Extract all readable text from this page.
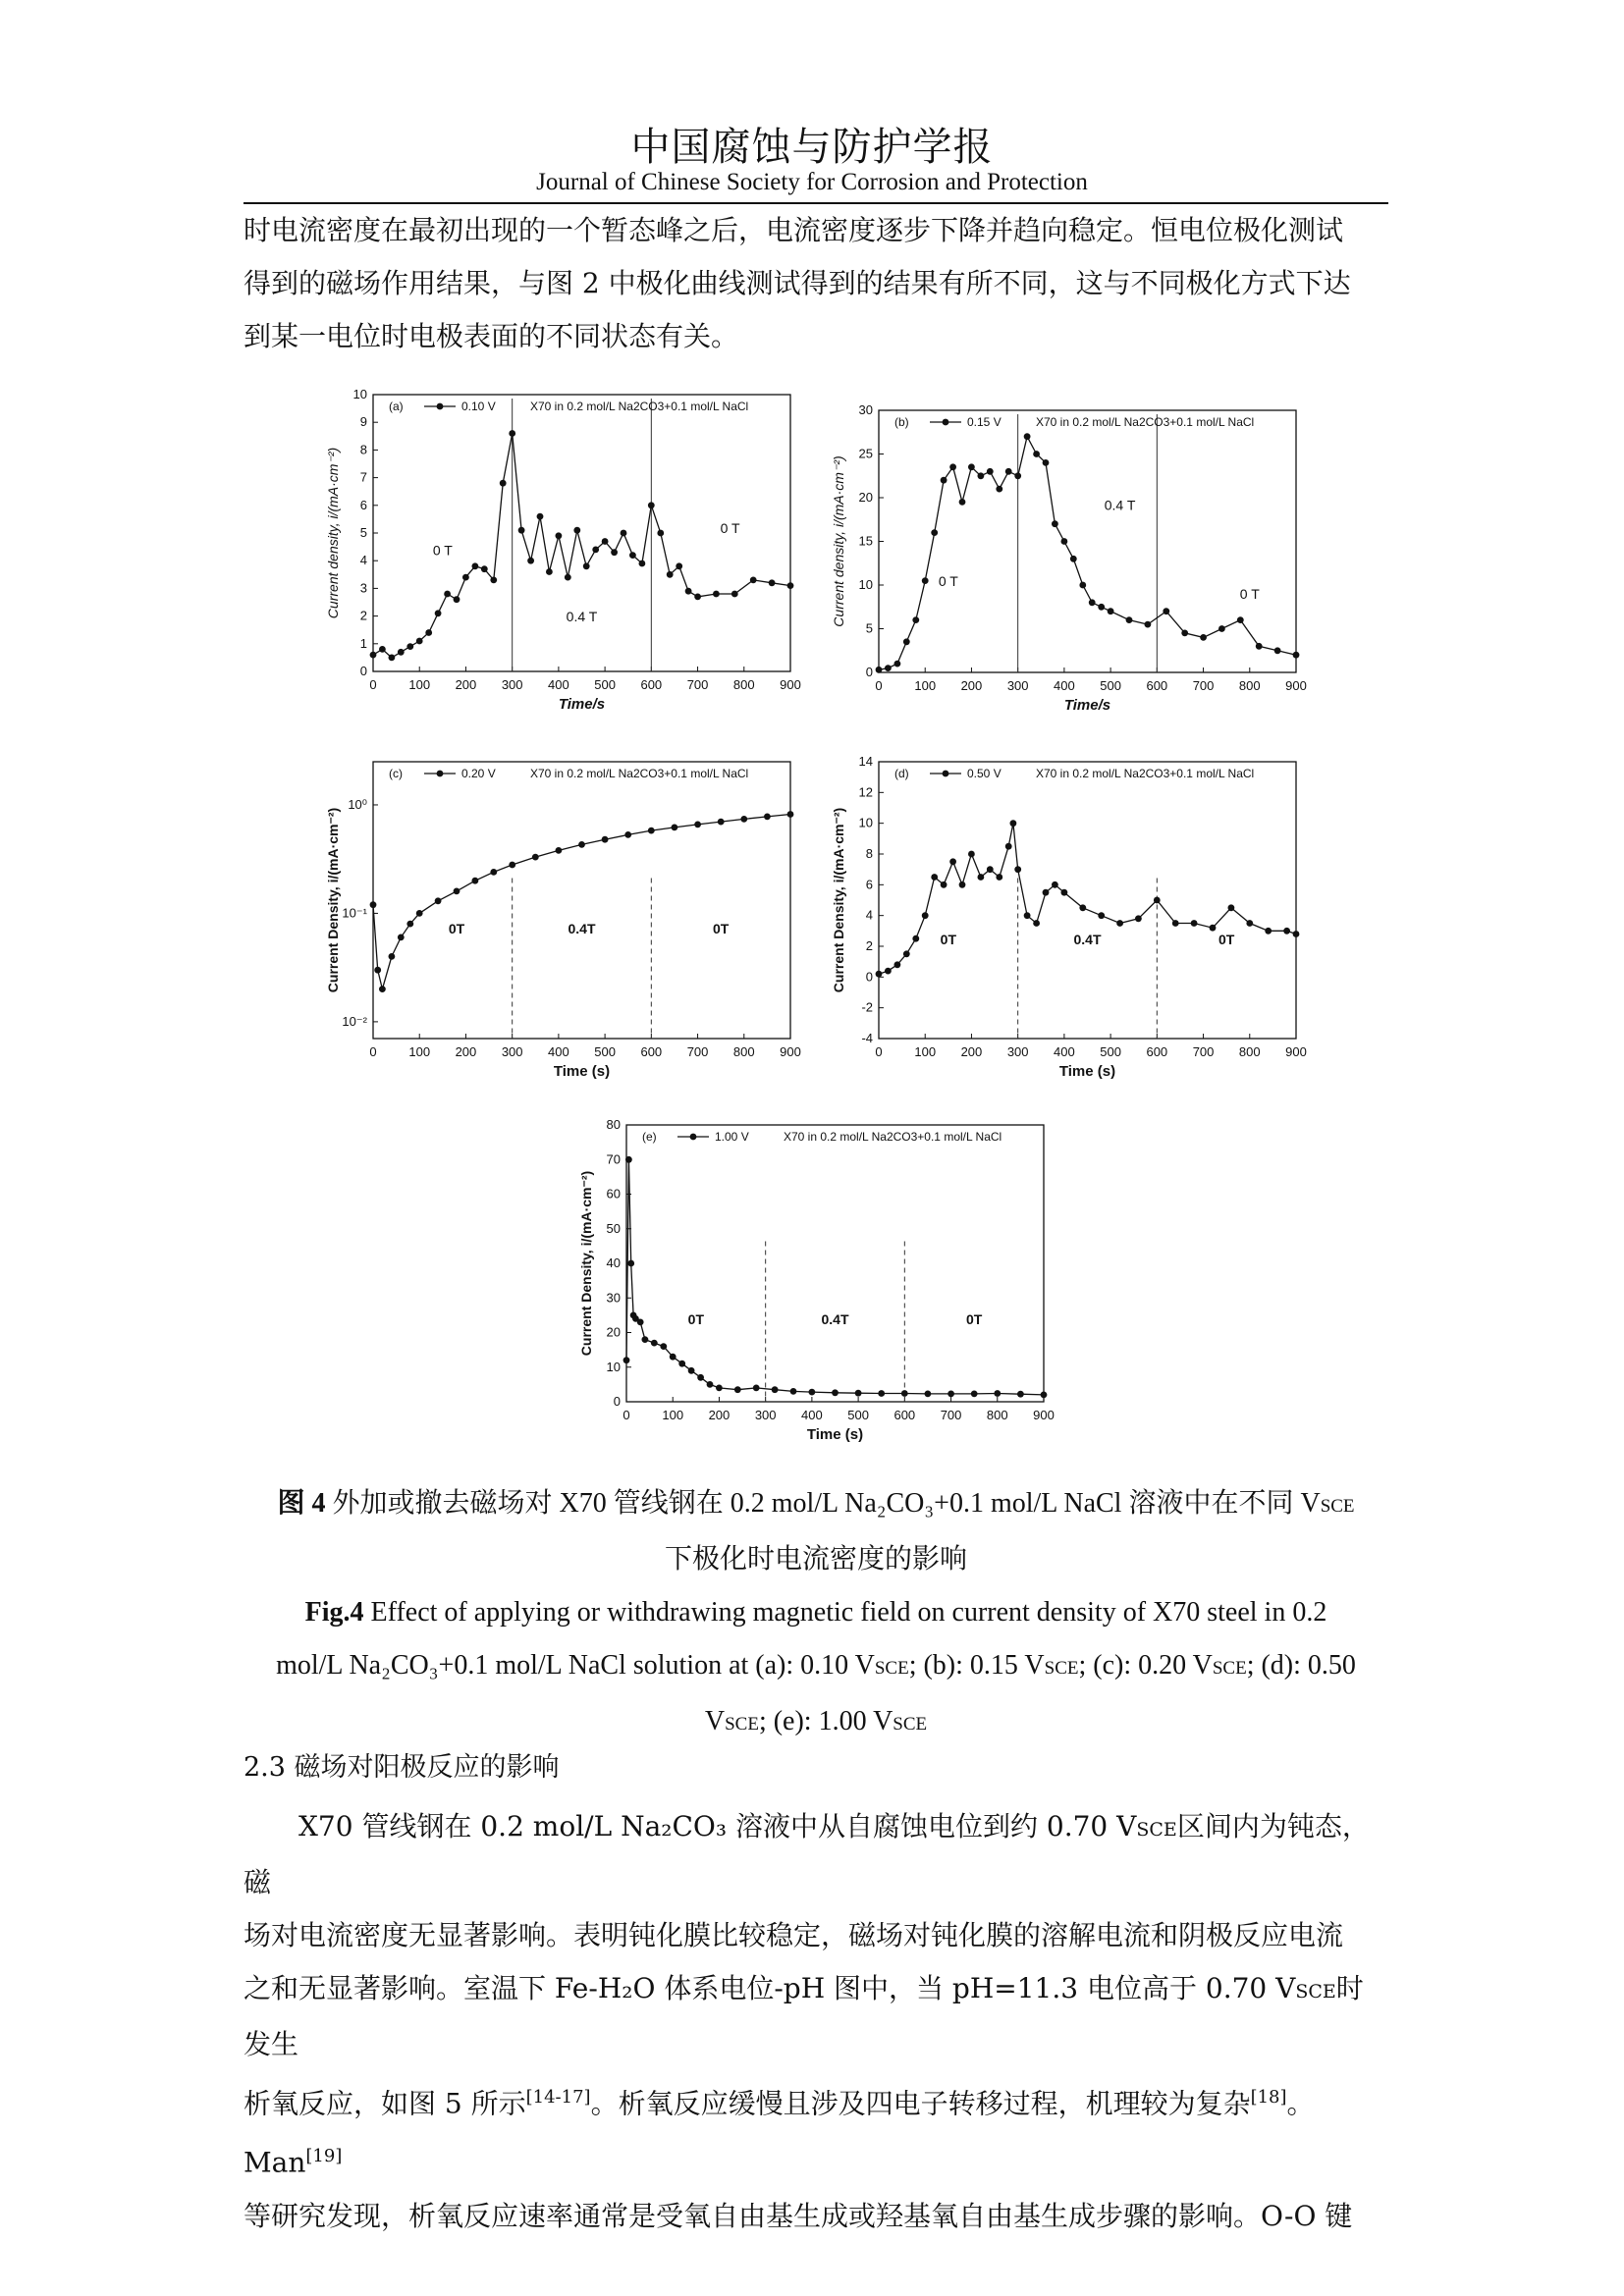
中国腐蚀与防护学报
Journal of Chinese Society for Corrosion and Protection

时电流密度在最初出现的一个暂态峰之后，电流密度逐步下降并趋向稳定。恒电位极化测试

得到的磁场作用结果，与图 2 中极化曲线测试得到的结果有所不同，这与不同极化方式下达

到某一电位时电极表面的不同状态有关。

0	100 200 300 400 500 600 700 800 900
0
1
2
3
4
5
6
7
8
9
10
Time/s
Current density, i/(mA·cm⁻²)	0 T
0.4 T
0 T
(a)	0.10 V	X70 in 0.2 mol/L Na2CO3+0.1 mol/L NaCl
0	100 200 300 400 500 600 700 800 900
0
5
10
15
20
25
30
Time/s
Current density, i/(mA·cm⁻²)	0 T
0.4 T
0 T
(b)	0.15 V	X70 in 0.2 mol/L Na2CO3+0.1 mol/L NaCl
0	100 200 300 400 500 600 700 800 900
10⁻²
10⁻¹
10⁰
Time (s)
Current Density, i/(mA·cm⁻²)	0T	0.4T	0T
(c)	0.20 V	X70 in 0.2 mol/L Na2CO3+0.1 mol/L NaCl
0	100 200 300 400 500 600 700 800 900
-4
-2
0
2
4
6
8
10
12
14
Time (s)
Current Density, i/(mA·cm⁻²)	0T	0.4T	0T
(d)	0.50 V	X70 in 0.2 mol/L Na2CO3+0.1 mol/L NaCl
0	100 200 300 400 500 600 700 800 900
0
10
20
30
40
50
60
70
80
Time (s)
Current Density, i/(mA·cm⁻²)	0T	0.4T	0T
(e)	1.00 V	X70 in 0.2 mol/L Na2CO3+0.1 mol/L NaCl
图 4 外加或撤去磁场对 X70 管线钢在 0.2 mol/L Na₂CO₃+0.1 mol/L NaCl 溶液中在不同 VSCE
下极化时电流密度的影响
Fig.4 Effect of applying or withdrawing magnetic field on current density of X70 steel in 0.2
mol/L Na₂CO₃+0.1 mol/L NaCl solution at (a): 0.10 VSCE; (b): 0.15 VSCE; (c): 0.20 VSCE; (d): 0.50
VSCE; (e): 1.00 VSCE
2.3 磁场对阳极反应的影响

X70 管线钢在 0.2 mol/L Na₂CO₃ 溶液中从自腐蚀电位到约 0.70 VSCE区间内为钝态，磁

场对电流密度无显著影响。表明钝化膜比较稳定，磁场对钝化膜的溶解电流和阴极反应电流

之和无显著影响。室温下 Fe-H₂O 体系电位-pH 图中，当 pH=11.3 电位高于 0.70 VSCE时发生

析氧反应，如图 5 所示[14-17]。析氧反应缓慢且涉及四电子转移过程，机理较为复杂[18]。Man[19]

等研究发现，析氧反应速率通常是受氧自由基生成或羟基氧自由基生成步骤的影响。O-O 键
